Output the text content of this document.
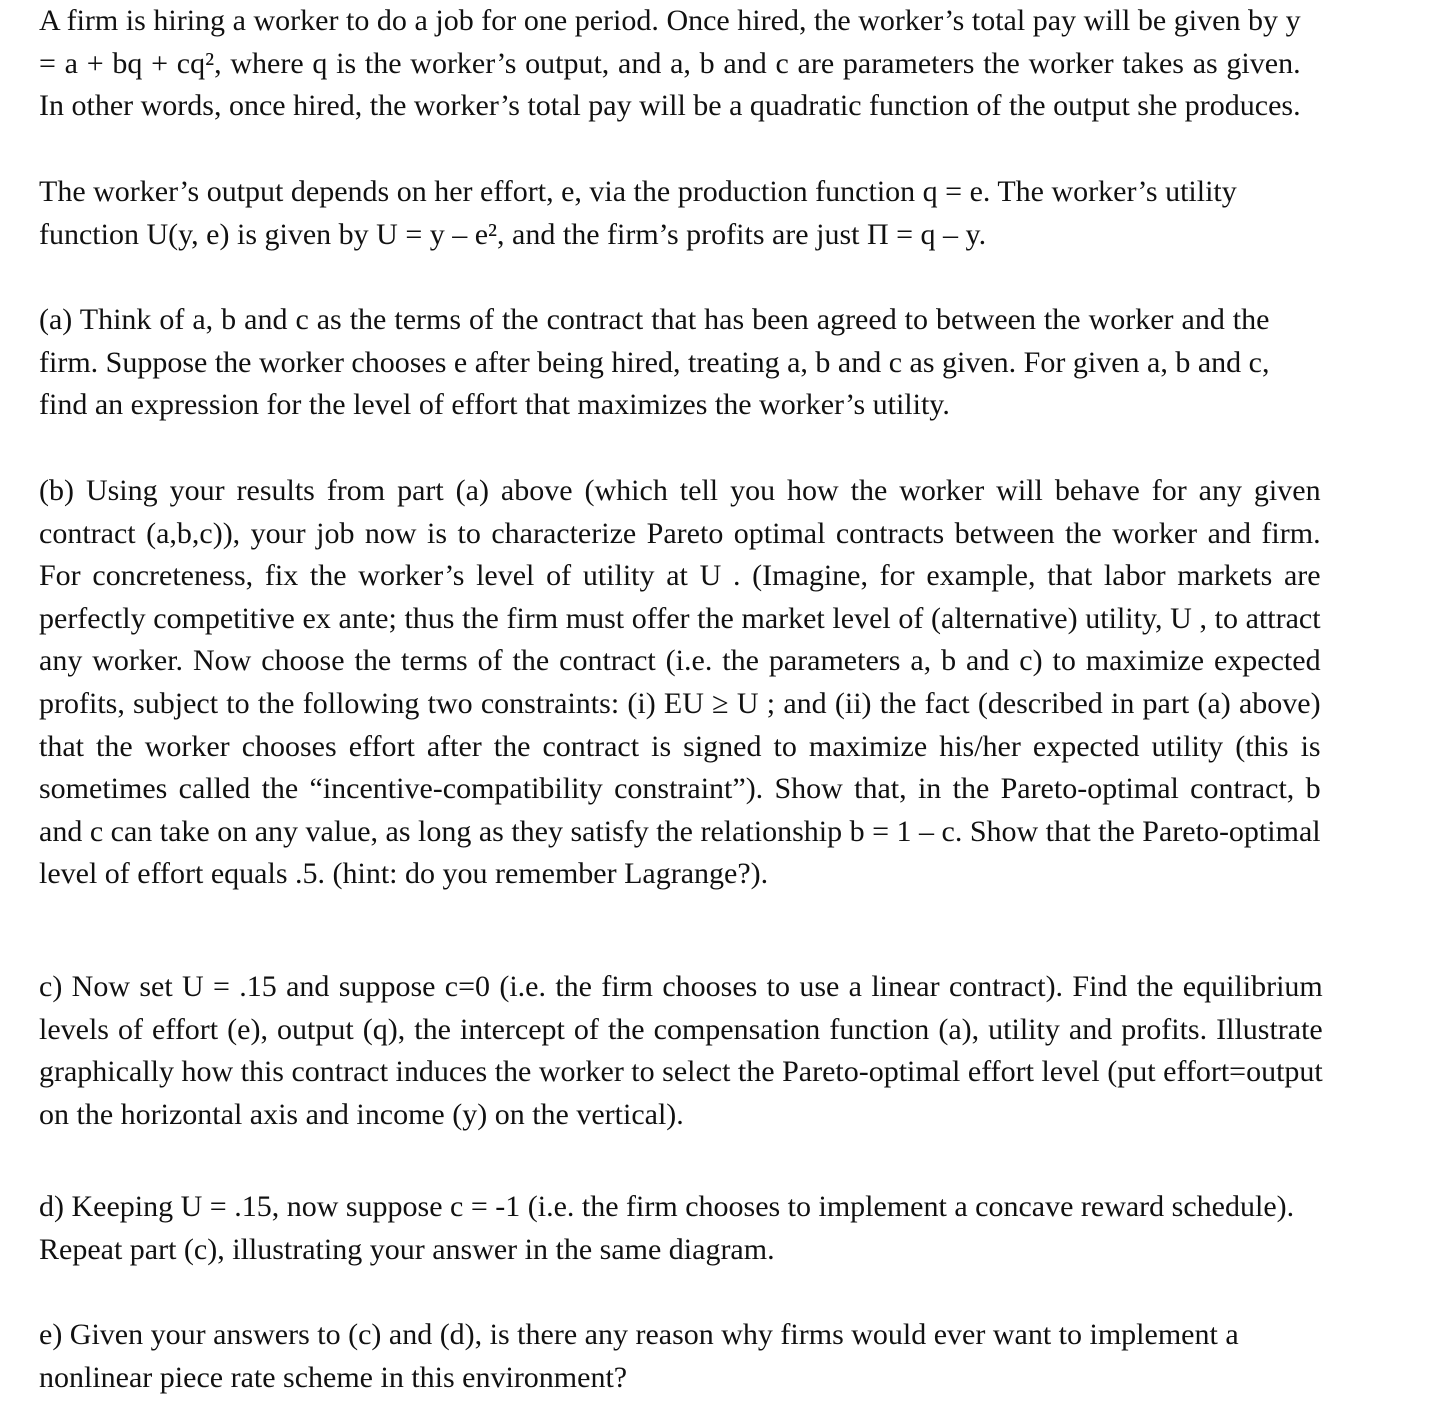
A firm is hiring a worker to do a job for one period. Once hired, the worker’s total pay will be given by y
= a + bq + cq², where q is the worker’s output, and a, b and c are parameters the worker takes as given.
In other words, once hired, the worker’s total pay will be a quadratic function of the output she produces.

The worker’s output depends on her effort, e, via the production function q = e. The worker’s utility
function U(y, e) is given by U = y – e², and the firm’s profits are just Π = q – y.

(a) Think of a, b and c as the terms of the contract that has been agreed to between the worker and the
firm. Suppose the worker chooses e after being hired, treating a, b and c as given. For given a, b and c,
find an expression for the level of effort that maximizes the worker’s utility.

(b) Using your results from part (a) above (which tell you how the worker will behave for any given
contract (a,b,c)), your job now is to characterize Pareto optimal contracts between the worker and firm.
For concreteness, fix the worker’s level of utility at U . (Imagine, for example, that labor markets are
perfectly competitive ex ante; thus the firm must offer the market level of (alternative) utility, U , to attract
any worker. Now choose the terms of the contract (i.e. the parameters a, b and c) to maximize expected
profits, subject to the following two constraints: (i) EU ≥ U ; and (ii) the fact (described in part (a) above)
that the worker chooses effort after the contract is signed to maximize his/her expected utility (this is
sometimes called the “incentive-compatibility constraint”). Show that, in the Pareto-optimal contract, b
and c can take on any value, as long as they satisfy the relationship b = 1 – c. Show that the Pareto-optimal
level of effort equals .5. (hint: do you remember Lagrange?).

c) Now set U = .15 and suppose c=0 (i.e. the firm chooses to use a linear contract). Find the equilibrium
levels of effort (e), output (q), the intercept of the compensation function (a), utility and profits. Illustrate
graphically how this contract induces the worker to select the Pareto-optimal effort level (put effort=output
on the horizontal axis and income (y) on the vertical).

d) Keeping U = .15, now suppose c = -1 (i.e. the firm chooses to implement a concave reward schedule).
Repeat part (c), illustrating your answer in the same diagram.

e) Given your answers to (c) and (d), is there any reason why firms would ever want to implement a
nonlinear piece rate scheme in this environment?
